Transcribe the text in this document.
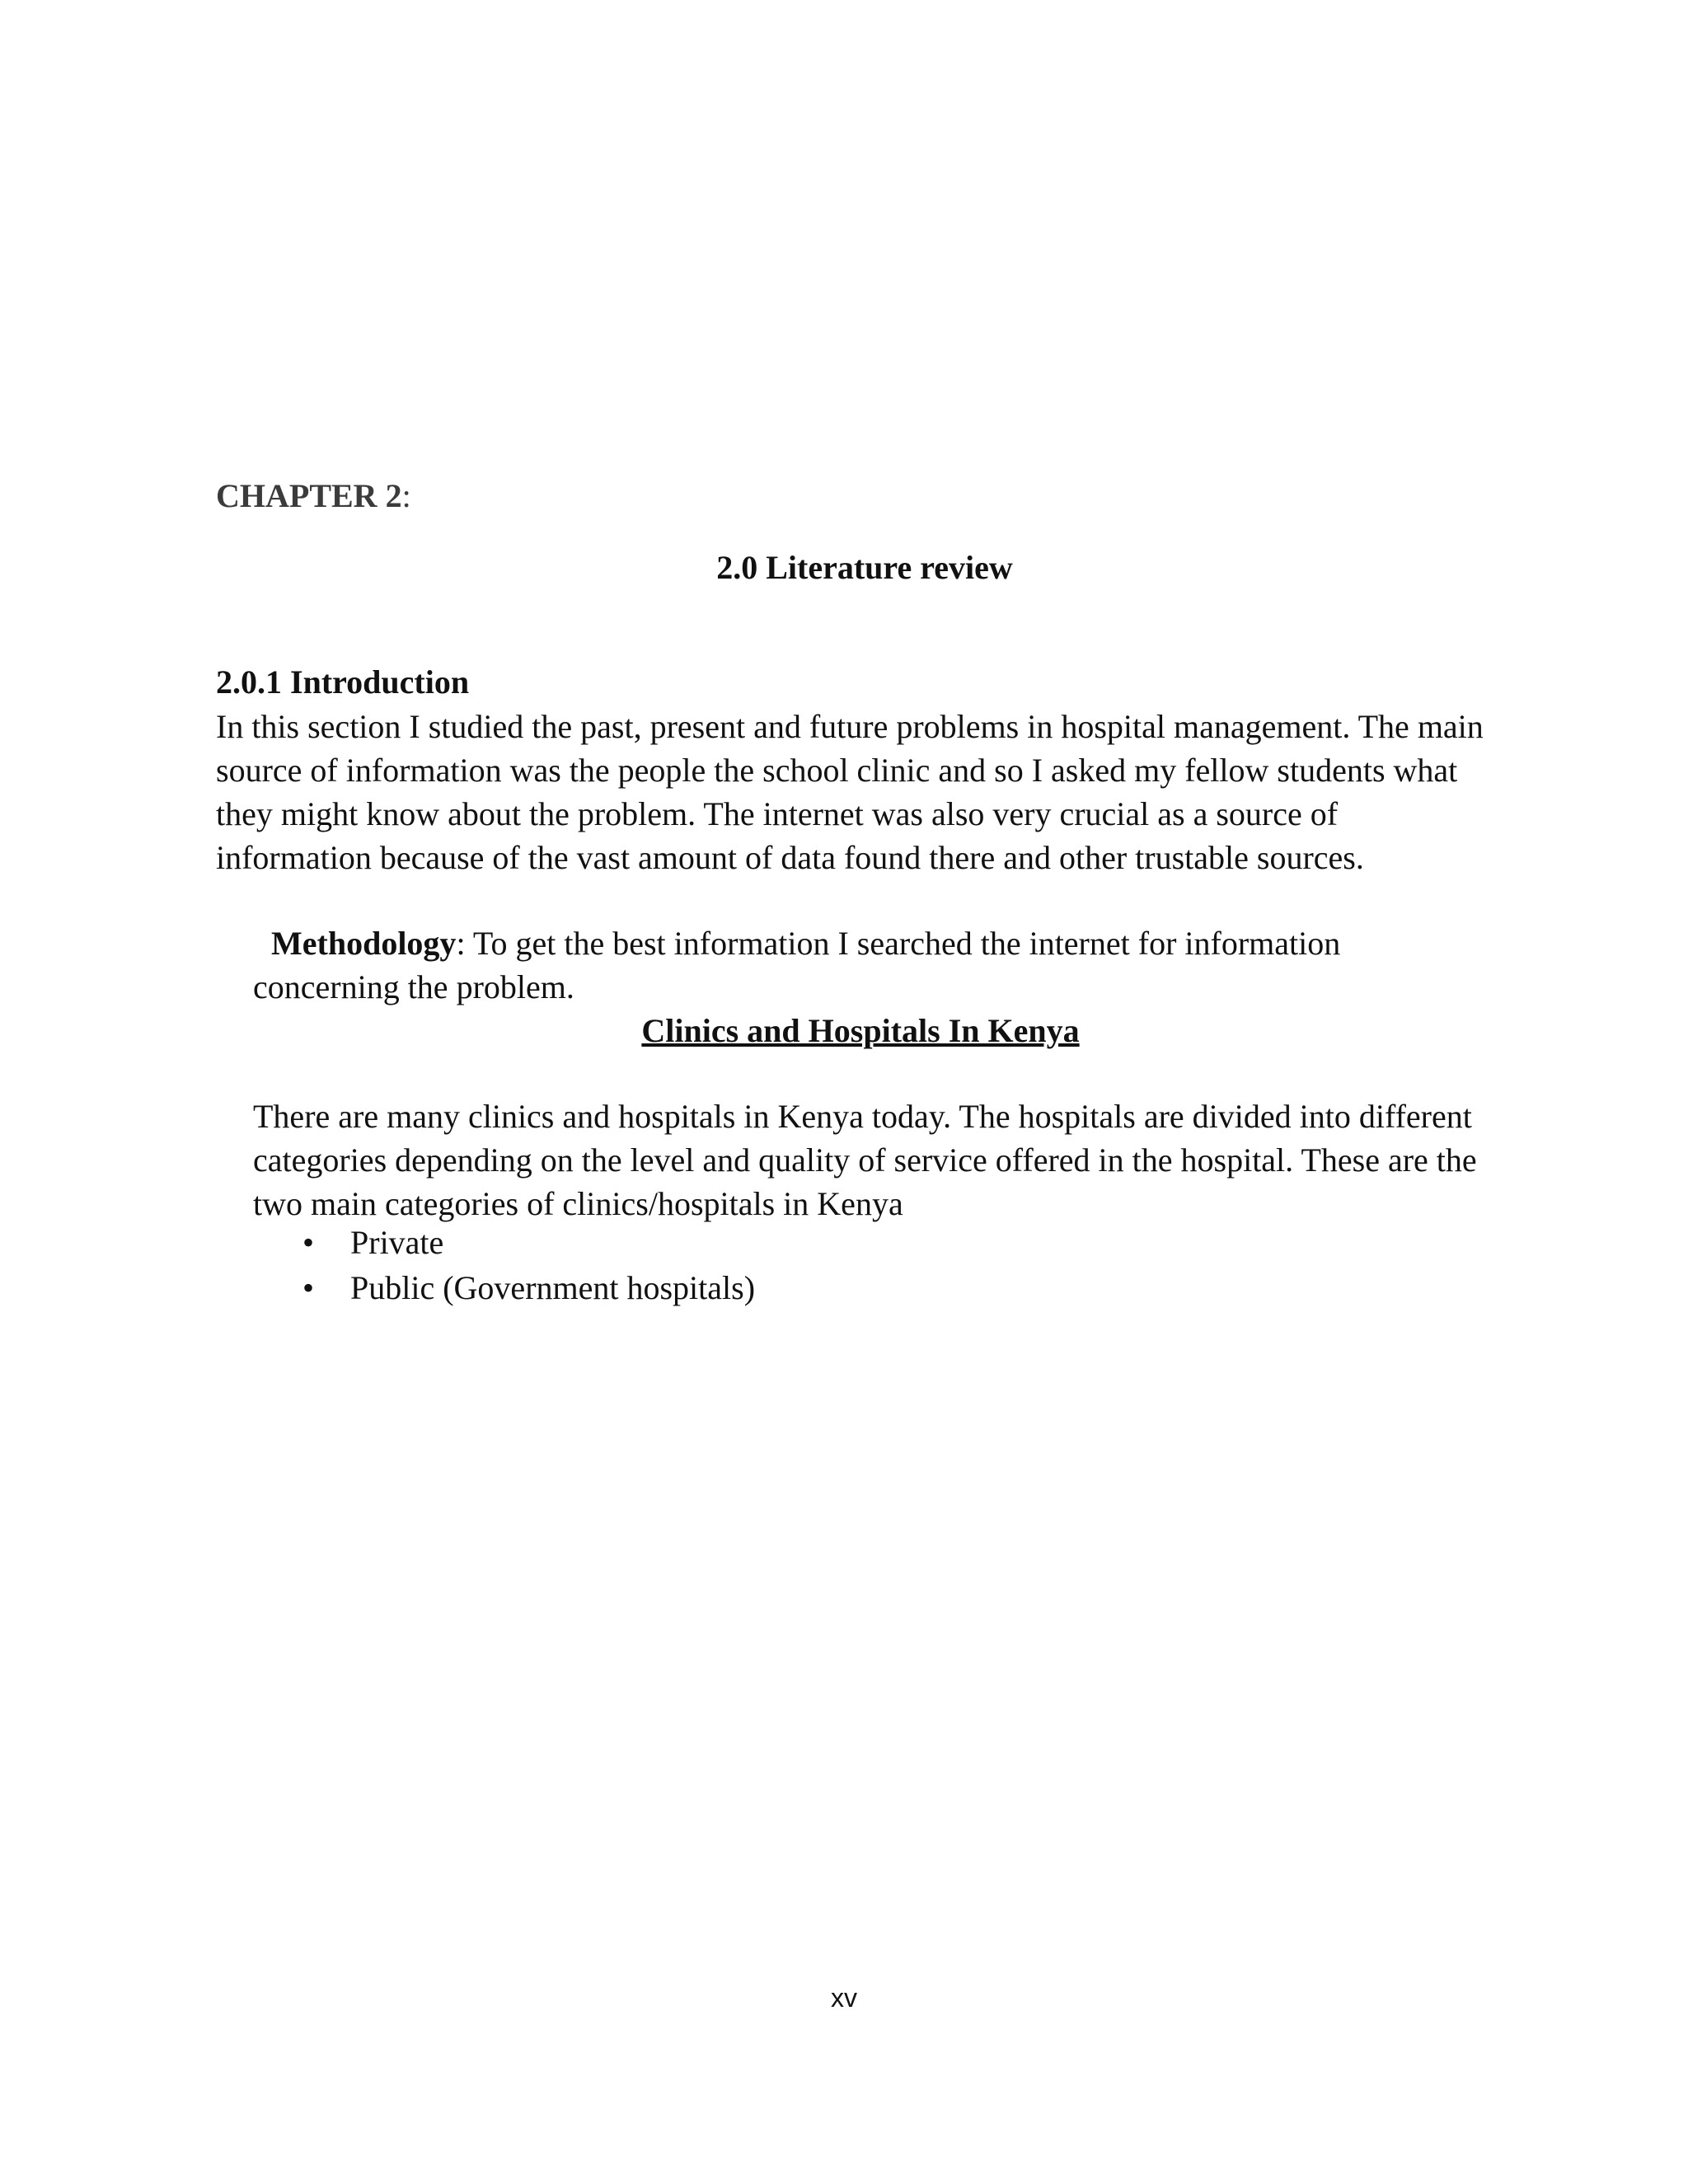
CHAPTER 2:
2.0 Literature review
2.0.1 Introduction

In this section I studied the past, present and future problems in hospital management. The main source of information was the people the school clinic and so I asked my fellow students what they might know about the problem. The internet was also very crucial as a source of information because of the vast amount of data found there and other trustable sources.

Methodology: To get the best information I searched the internet for information
concerning the problem.

Clinics and Hospitals In Kenya

There are many clinics and hospitals in Kenya today. The hospitals are divided into different categories depending on the level and quality of service offered in the hospital. These are the two main categories of clinics/hospitals in Kenya

• Private
• Public (Government hospitals)
xv
